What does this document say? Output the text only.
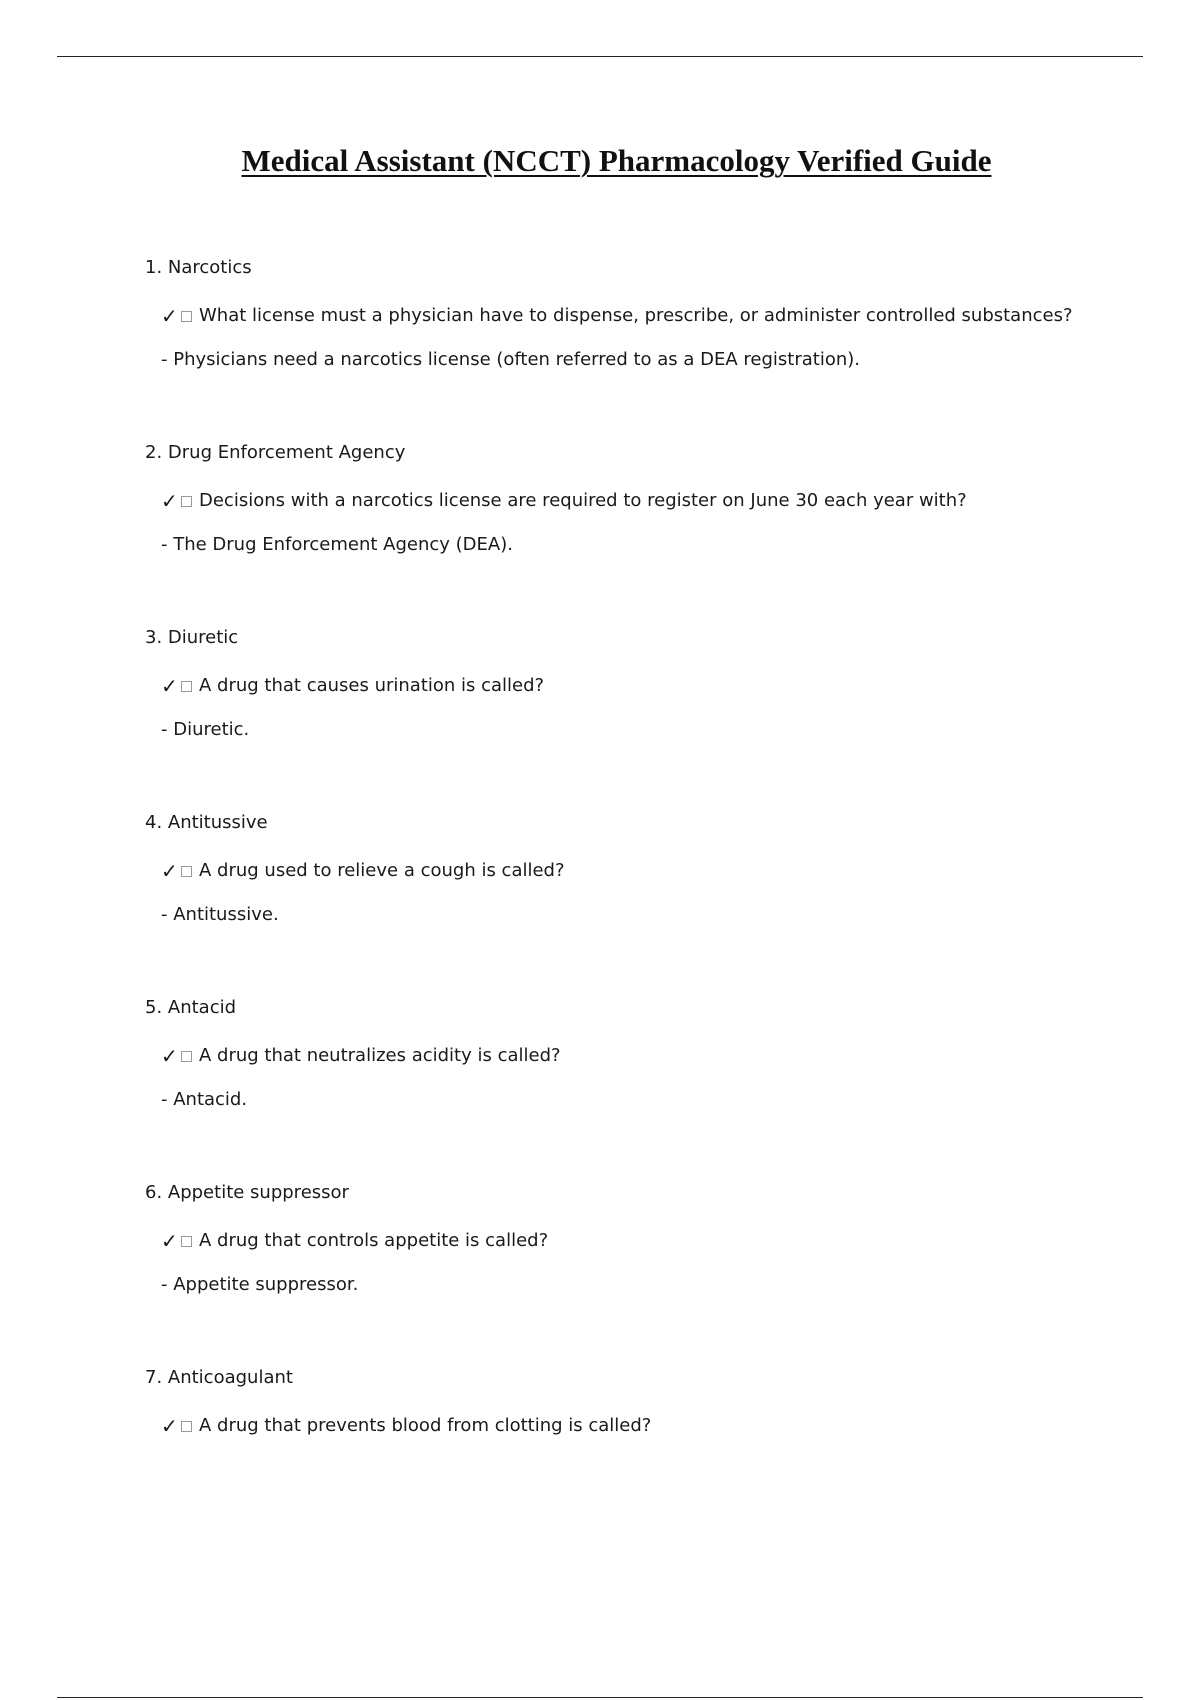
Medical Assistant (NCCT) Pharmacology Verified Guide
1. Narcotics
✓ What license must a physician have to dispense, prescribe, or administer controlled substances?
- Physicians need a narcotics license (often referred to as a DEA registration).
2. Drug Enforcement Agency
✓ Decisions with a narcotics license are required to register on June 30 each year with?
- The Drug Enforcement Agency (DEA).
3. Diuretic
✓ A drug that causes urination is called?
- Diuretic.
4. Antitussive
✓ A drug used to relieve a cough is called?
- Antitussive.
5. Antacid
✓ A drug that neutralizes acidity is called?
- Antacid.
6. Appetite suppressor
✓ A drug that controls appetite is called?
- Appetite suppressor.
7. Anticoagulant
✓ A drug that prevents blood from clotting is called?
